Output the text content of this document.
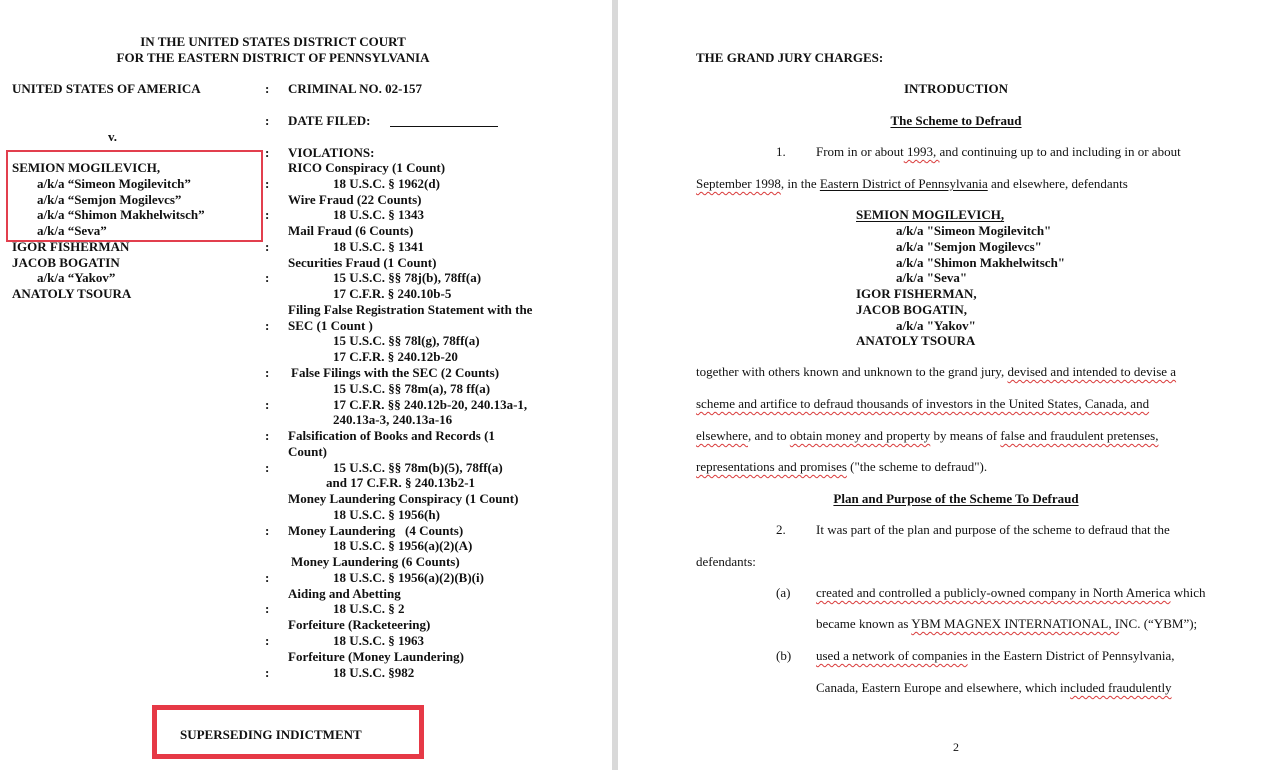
IN THE UNITED STATES DISTRICT COURT
FOR THE EASTERN DISTRICT OF PENNSYLVANIA
UNITED STATES OF AMERICA
v.
SEMION MOGILEVICH,
a/k/a “Simeon Mogilevitch”
a/k/a “Semjon Mogilevcs”
a/k/a “Shimon Makhelwitsch”
a/k/a “Seva”
IGOR FISHERMAN
JACOB BOGATIN
a/k/a “Yakov”
ANATOLY TSOURA
:
:
:
:
:
:
:
:
:
:
:
:
:
:
:
:
:
CRIMINAL NO. 02-157
DATE FILED:
VIOLATIONS:
RICO Conspiracy (1 Count)
18 U.S.C. § 1962(d)
Wire Fraud (22 Counts)
18 U.S.C. § 1343
Mail Fraud (6 Counts)
18 U.S.C. § 1341
Securities Fraud (1 Count)
15 U.S.C. §§ 78j(b), 78ff(a)
17 C.F.R. § 240.10b-5
Filing False Registration Statement with the
SEC (1 Count )
15 U.S.C. §§ 78l(g), 78ff(a)
17 C.F.R. § 240.12b-20
False Filings with the SEC (2 Counts)
15 U.S.C. §§ 78m(a), 78 ff(a)
17 C.F.R. §§ 240.12b-20, 240.13a-1,
240.13a-3, 240.13a-16
Falsification of Books and Records (1
Count)
15 U.S.C. §§ 78m(b)(5), 78ff(a)
and 17 C.F.R. § 240.13b2-1
Money Laundering Conspiracy (1 Count)
18 U.S.C. § 1956(h)
Money Laundering   (4 Counts)
18 U.S.C. § 1956(a)(2)(A)
Money Laundering (6 Counts)
18 U.S.C. § 1956(a)(2)(B)(i)
Aiding and Abetting
18 U.S.C. § 2
Forfeiture (Racketeering)
18 U.S.C. § 1963
Forfeiture (Money Laundering)
18 U.S.C. §982
SUPERSEDING INDICTMENT
THE GRAND JURY CHARGES:
INTRODUCTION
The Scheme to Defraud
1. From in or about 1993, and continuing up to and including in or about
September 1998, in the Eastern District of Pennsylvania and elsewhere, defendants
SEMION MOGILEVICH,
a/k/a "Simeon Mogilevitch"
a/k/a "Semjon Mogilevcs"
a/k/a "Shimon Makhelwitsch"
a/k/a "Seva"
IGOR FISHERMAN,
JACOB BOGATIN,
a/k/a "Yakov"
ANATOLY TSOURA
together with others known and unknown to the grand jury, devised and intended to devise a
scheme and artifice to defraud thousands of investors in the United States, Canada, and
elsewhere, and to obtain money and property by means of false and fraudulent pretenses,
representations and promises ("the scheme to defraud").
Plan and Purpose of the Scheme To Defraud
2. It was part of the plan and purpose of the scheme to defraud that the
defendants:
(a) created and controlled a publicly-owned company in North America which
became known as YBM MAGNEX INTERNATIONAL, INC. (“YBM”);
(b) used a network of companies in the Eastern District of Pennsylvania,
Canada, Eastern Europe and elsewhere, which included fraudulently
2
